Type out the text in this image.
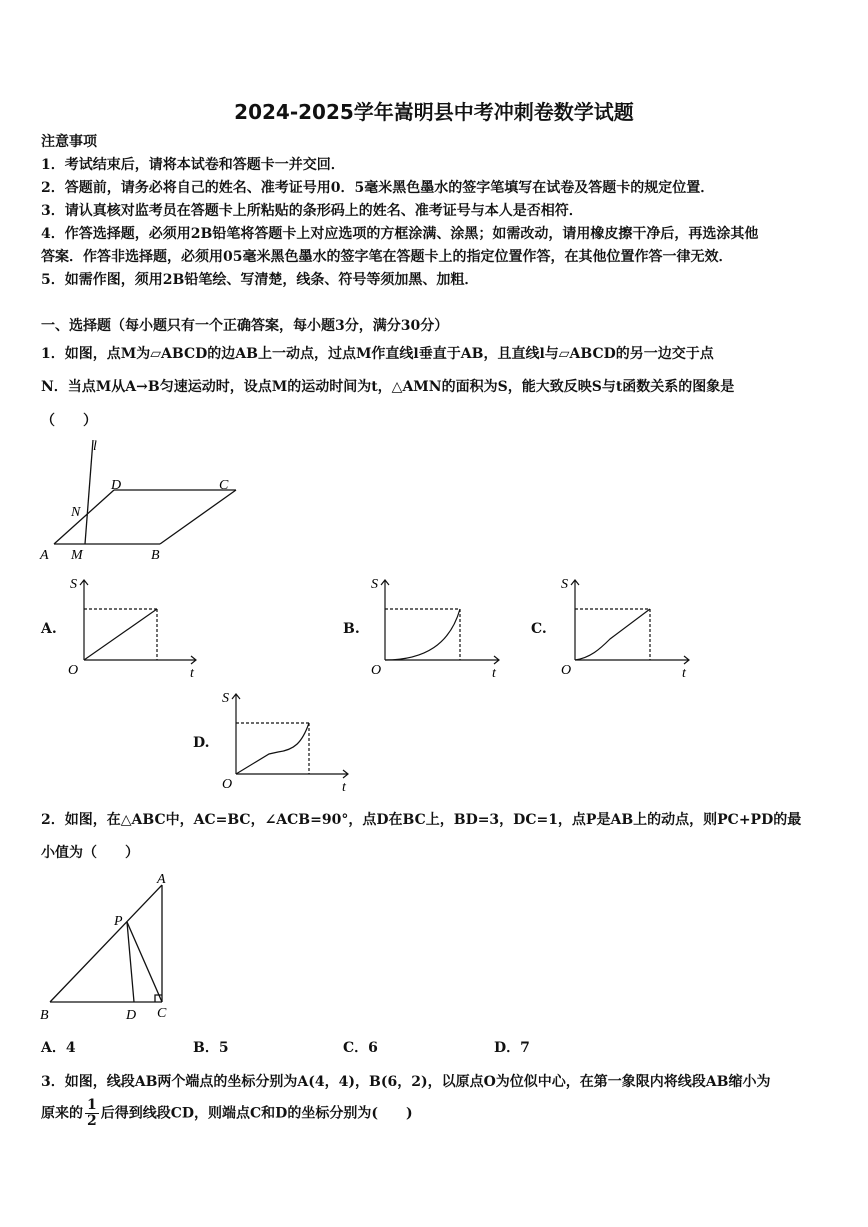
2024-2025学年嵩明县中考冲刺卷数学试题
注意事项
1．考试结束后，请将本试卷和答题卡一并交回．
2．答题前，请务必将自己的姓名、准考证号用0．5毫米黑色墨水的签字笔填写在试卷及答题卡的规定位置．
3．请认真核对监考员在答题卡上所粘贴的条形码上的姓名、准考证号与本人是否相符．
4．作答选择题，必须用2B铅笔将答题卡上对应选项的方框涂满、涂黑；如需改动，请用橡皮擦干净后，再选涂其他
答案．作答非选择题，必须用05毫米黑色墨水的签字笔在答题卡上的指定位置作答，在其他位置作答一律无效．
5．如需作图，须用2B铅笔绘、写清楚，线条、符号等须加黑、加粗．
一、选择题（每小题只有一个正确答案，每小题3分，满分30分）
1．如图，点M为▱ABCD的边AB上一动点，过点M作直线l垂直于AB，且直线l与▱ABCD的另一边交于点
N．当点M从A→B匀速运动时，设点M的运动时间为t，△AMN的面积为S，能大致反映S与t函数关系的图象是
（　　）
l
D	C
N
A M	B
A.
S
O	t
B.
S
O	t
C.
S
O	t
D.
S
O	t
2．如图，在△ABC中，AC=BC，∠ACB=90°，点D在BC上，BD=3，DC=1，点P是AB上的动点，则PC+PD的最
小值为（　　）
A
P
B	D C
A．4	B．5	C．6	D．7
3．如图，线段AB两个端点的坐标分别为A(4，4)，B(6，2)，以原点O为位似中心，在第一象限内将线段AB缩小为
原来的 $\frac{1}{2}$ 后得到线段CD，则端点C和D的坐标分别为(　　)
